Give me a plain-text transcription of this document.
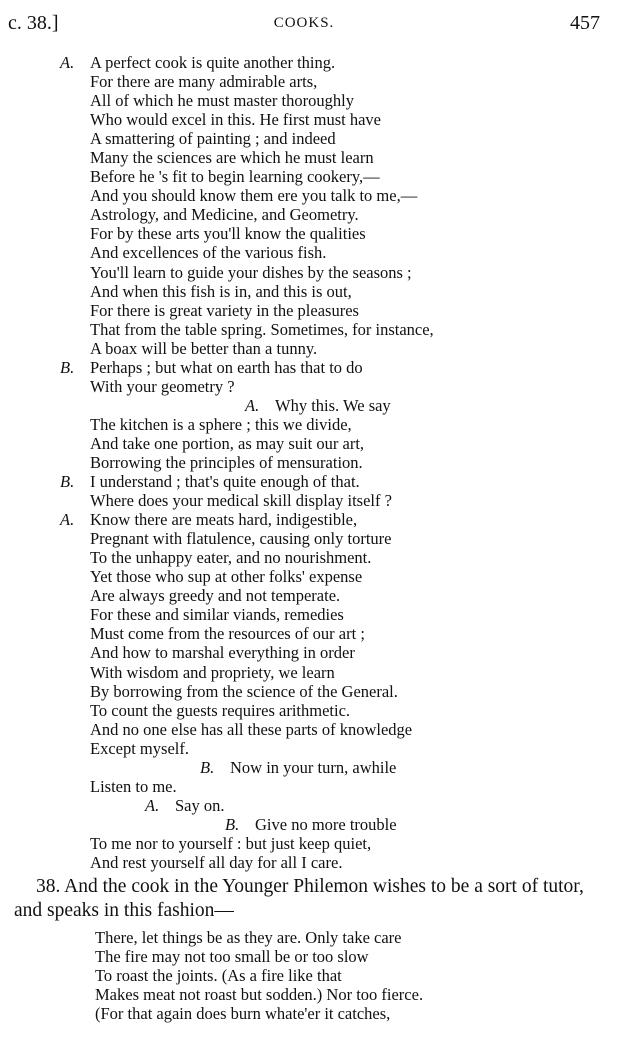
c. 38.]	COOKS.	457
A. A perfect cook is quite another thing.
For there are many admirable arts,
All of which he must master thoroughly
Who would excel in this. He first must have
A smattering of painting ; and indeed
Many the sciences are which he must learn
Before he 's fit to begin learning cookery,—
And you should know them ere you talk to me,—
Astrology, and Medicine, and Geometry.
For by these arts you'll know the qualities
And excellences of the various fish.
You'll learn to guide your dishes by the seasons ;
And when this fish is in, and this is out,
For there is great variety in the pleasures
That from the table spring. Sometimes, for instance,
A boax will be better than a tunny.
B. Perhaps ; but what on earth has that to do
With your geometry ?
A. Why this. We say
The kitchen is a sphere ; this we divide,
And take one portion, as may suit our art,
Borrowing the principles of mensuration.
B. I understand ; that's quite enough of that.
Where does your medical skill display itself ?
A. Know there are meats hard, indigestible,
Pregnant with flatulence, causing only torture
To the unhappy eater, and no nourishment.
Yet those who sup at other folks' expense
Are always greedy and not temperate.
For these and similar viands, remedies
Must come from the resources of our art ;
And how to marshal everything in order
With wisdom and propriety, we learn
By borrowing from the science of the General.
To count the guests requires arithmetic.
And no one else has all these parts of knowledge
Except myself.
B. Now in your turn, awhile
Listen to me.
A. Say on.
B. Give no more trouble
To me nor to yourself : but just keep quiet,
And rest yourself all day for all I care.

38. And the cook in the Younger Philemon wishes to be a sort of tutor, and speaks in this fashion—

There, let things be as they are. Only take care
The fire may not too small be or too slow
To roast the joints. (As a fire like that
Makes meat not roast but sodden.) Nor too fierce.
(For that again does burn whate'er it catches,
